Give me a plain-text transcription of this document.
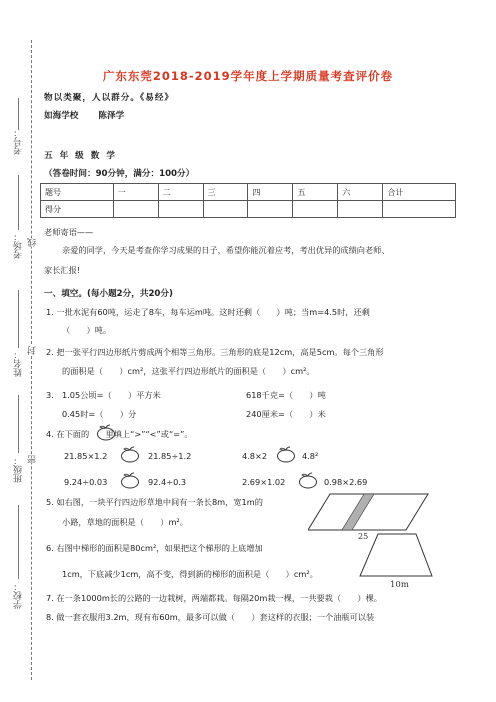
考号：
考场： 线
封
姓名：
班级： 密
学校：
广东东莞2018-2019学年度上学期质量考查评价卷
物以类聚，人以群分。《易经》
如海学校 陈泽学
五 年 级 数 学
（答卷时间：90分钟，满分：100分）
题号	一	二	三	四	五	六	合计
得分							
老师寄语——
亲爱的同学，今天是考查你学习成果的日子，希望你能沉着应考，考出优异的成绩向老师、
家长汇报!
一、填空。(每小题2分，共20分)
1. 一批水泥有60吨，运走了8车，每车运m吨。这时还剩（　　）吨；当m=4.5时，还剩
（　　）吨。
2. 把一张平行四边形纸片剪成两个相等三角形。三角形的底是12cm，高是5cm。每个三角形
的面积是（　　）cm²，这张平行四边形纸片的面积是（　　）cm²。
3.　1.05公顷=（　　）平方米	618千克=（　　）吨
0.45时=（　　）分	240厘米=（　　）米
4. 在下面的　　里填上“>”“<”或“=”。
21.85×1.2	21.85÷1.2	4.8×2	4.8²
9.24÷0.03	92.4÷0.3	2.69×1.02	0.98×2.69
5. 如右图，一块平行四边形草地中间有一条长8m，宽1m的
小路，草地的面积是（　　）m²。
25
10m
6. 右图中梯形的面积是80cm²，如果把这个梯形的上底增加
1cm，下底减少1cm，高不变，得到新的梯形的面积是（　　）cm²。
7. 在一条1000m长的公路的一边栽树，两端都栽。每隔20m栽一棵，一共要栽（　　）棵。
8. 做一套衣服用3.2m，现有布60m，最多可以做（　　）套这样的衣服；一个油瓶可以装
